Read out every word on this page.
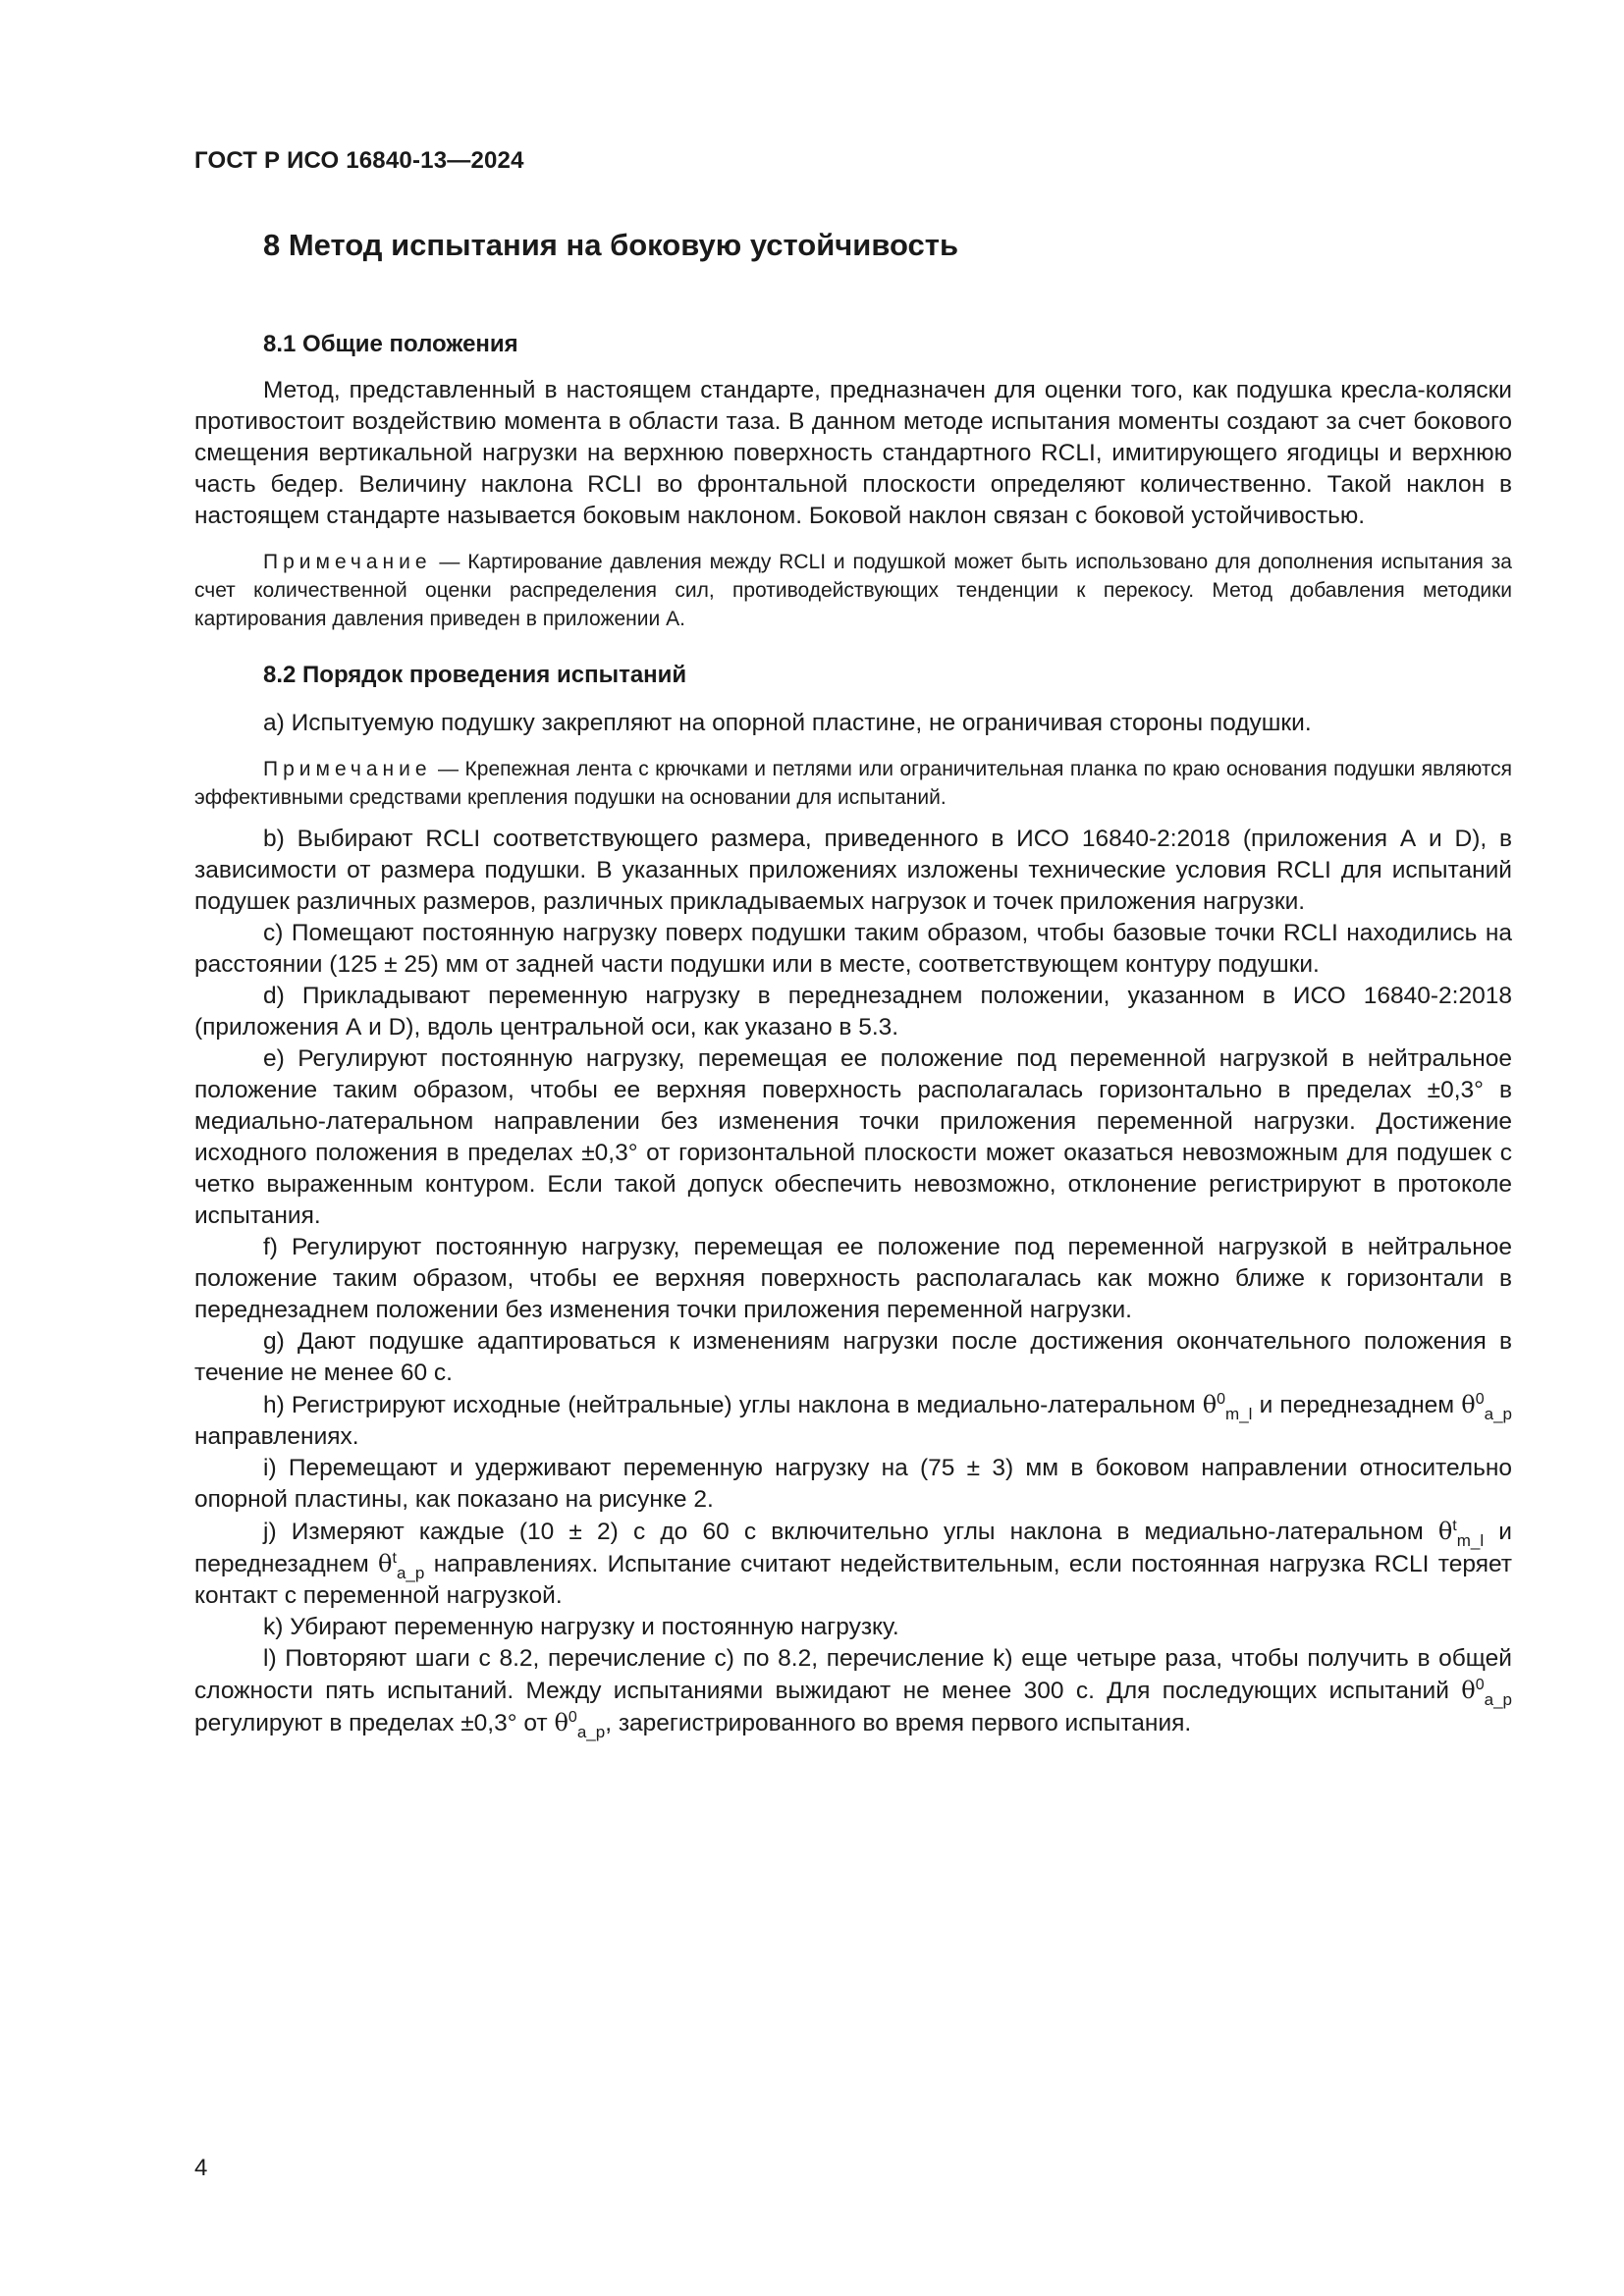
ГОСТ Р ИСО 16840-13—2024
8 Метод испытания на боковую устойчивость
8.1 Общие положения

Метод, представленный в настоящем стандарте, предназначен для оценки того, как подушка кресла-коляски противостоит воздействию момента в области таза. В данном методе испытания моменты создают за счет бокового смещения вертикальной нагрузки на верхнюю поверхность стандартного RCLI, имитирующего ягодицы и верхнюю часть бедер. Величину наклона RCLI во фронтальной плоскости определяют количественно. Такой наклон в настоящем стандарте называется боковым наклоном. Боковой наклон связан с боковой устойчивостью.

Примечание — Картирование давления между RCLI и подушкой может быть использовано для дополнения испытания за счет количественной оценки распределения сил, противодействующих тенденции к перекосу. Метод добавления методики картирования давления приведен в приложении А.

8.2 Порядок проведения испытаний

a) Испытуемую подушку закрепляют на опорной пластине, не ограничивая стороны подушки.

Примечание — Крепежная лента с крючками и петлями или ограничительная планка по краю основания подушки являются эффективными средствами крепления подушки на основании для испытаний.

b) Выбирают RCLI соответствующего размера, приведенного в ИСО 16840-2:2018 (приложения А и D), в зависимости от размера подушки. В указанных приложениях изложены технические условия RCLI для испытаний подушек различных размеров, различных прикладываемых нагрузок и точек приложения нагрузки.

c) Помещают постоянную нагрузку поверх подушки таким образом, чтобы базовые точки RCLI находились на расстоянии (125 ± 25) мм от задней части подушки или в месте, соответствующем контуру подушки.

d) Прикладывают переменную нагрузку в переднезаднем положении, указанном в ИСО 16840-2:2018 (приложения А и D), вдоль центральной оси, как указано в 5.3.

e) Регулируют постоянную нагрузку, перемещая ее положение под переменной нагрузкой в нейтральное положение таким образом, чтобы ее верхняя поверхность располагалась горизонтально в пределах ±0,3° в медиально-латеральном направлении без изменения точки приложения переменной нагрузки. Достижение исходного положения в пределах ±0,3° от горизонтальной плоскости может оказаться невозможным для подушек с четко выраженным контуром. Если такой допуск обеспечить невозможно, отклонение регистрируют в протоколе испытания.

f) Регулируют постоянную нагрузку, перемещая ее положение под переменной нагрузкой в нейтральное положение таким образом, чтобы ее верхняя поверхность располагалась как можно ближе к горизонтали в переднезаднем положении без изменения точки приложения переменной нагрузки.

g) Дают подушке адаптироваться к изменениям нагрузки после достижения окончательного положения в течение не менее 60 с.

h) Регистрируют исходные (нейтральные) углы наклона в медиально-латеральном $\theta^0_{m\_l}$ и переднезаднем $\theta^0_{a\_p}$ направлениях.

i) Перемещают и удерживают переменную нагрузку на (75 ± 3) мм в боковом направлении относительно опорной пластины, как показано на рисунке 2.

j) Измеряют каждые (10 ± 2) с до 60 с включительно углы наклона в медиально-латеральном $\theta^t_{m\_l}$ и переднезаднем $\theta^t_{a\_p}$ направлениях. Испытание считают недействительным, если постоянная нагрузка RCLI теряет контакт с переменной нагрузкой.

k) Убирают переменную нагрузку и постоянную нагрузку.

l) Повторяют шаги с 8.2, перечисление с) по 8.2, перечисление k) еще четыре раза, чтобы получить в общей сложности пять испытаний. Между испытаниями выжидают не менее 300 с. Для последующих испытаний $\theta^0_{a\_p}$ регулируют в пределах ±0,3° от $\theta^0_{a\_p}$, зарегистрированного во время первого испытания.

4
